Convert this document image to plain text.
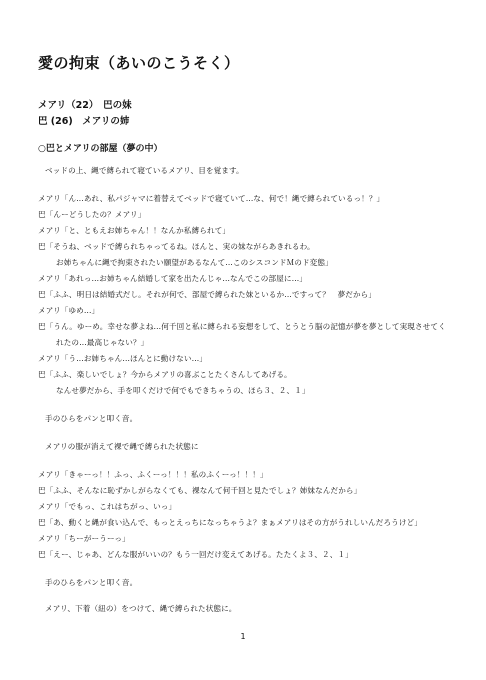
愛の拘束（あいのこうそく）
メアリ（22）　巴の妹
巴 (26)　メアリの姉
○巴とメアリの部屋（夢の中）
ベッドの上、縄で縛られて寝ているメアリ、目を覚ます。
メアリ「ん…あれ、私パジャマに着替えてベッドで寝ていて…な、何で！縄で縛られているっ！？」
巴「んーどうしたの？メアリ」
メアリ「と、ともえお姉ちゃん！！なんか私縛られて」
巴「そうね、ベッドで縛られちゃってるね。ほんと、実の妹ながらあきれるわ。
お姉ちゃんに縄で拘束されたい願望があるなんて…このシスコンドＭのド変態」
メアリ「あれっ…お姉ちゃん結婚して家を出たんじゃ…なんでこの部屋に…」
巴「ふふ、明日は結婚式だし。それが何で、部屋で縛られた妹といるか…ですって？　夢だから」
メアリ「ゆめ…」
巴「うん。ゆーめ。幸せな夢よね…何千回と私に縛られる妄想をして、とうとう脳の記憶が夢を夢として実現させてく
れたの…最高じゃない？」
メアリ「う…お姉ちゃん…ほんとに動けない…」
巴「ふふ、楽しいでしょ？今からメアリの喜ぶことたくさんしてあげる。
なんせ夢だから、手を叩くだけで何でもできちゃうの、ほら３、２、１」
手のひらをパンと叩く音。
メアリの服が消えて裸で縄で縛られた状態に
メアリ「きゃーっ！！ふっ、ふくーっ！！！私のふくーっ！！！」
巴「ふふ、そんなに恥ずかしがらなくても、裸なんて何千回と見たでしょ？姉妹なんだから」
メアリ「でもっ、これはちがっ、いっ」
巴「あ、動くと縄が食い込んで、もっとえっちになっちゃうよ？まぁメアリはその方がうれしいんだろうけど」
メアリ「ちーがーうーっ」
巴「えー、じゃあ、どんな服がいいの？もう一回だけ変えてあげる。たたくよ３、２、１」
手のひらをパンと叩く音。
メアリ、下着（紐の）をつけて、縄で縛られた状態に。
1
